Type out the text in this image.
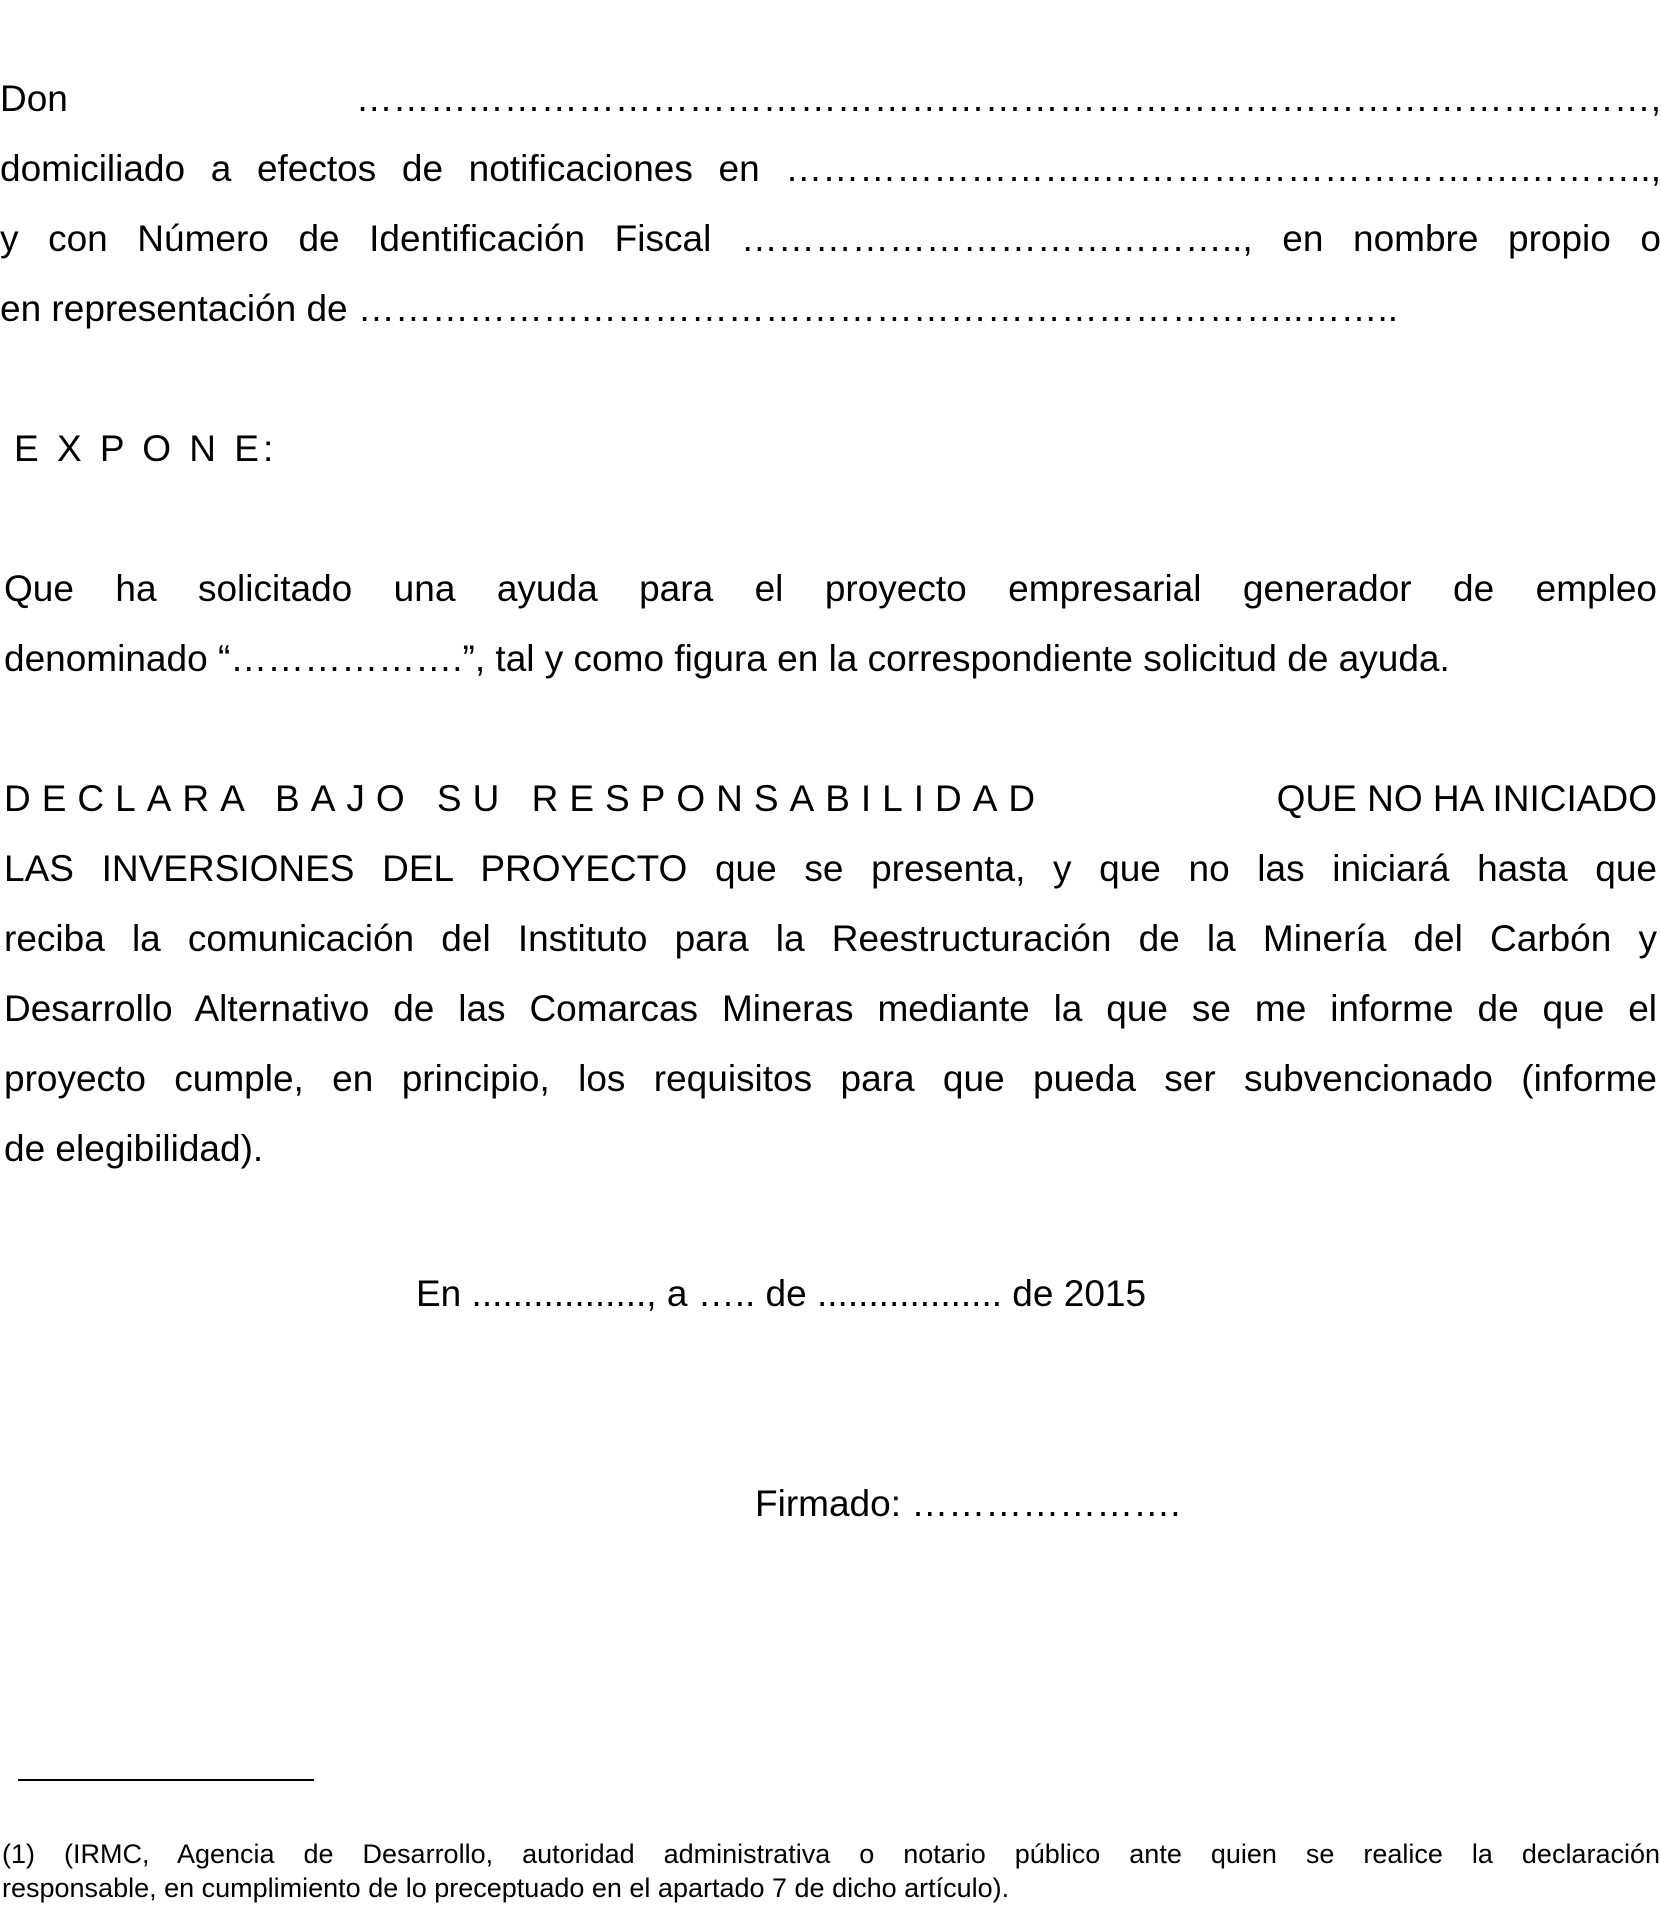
Don ……………………………………………………………………………………………,
domiciliado a efectos de notificaciones en ……………………..…………………………….………..,
y con Número de Identificación Fiscal ………………………………….., en nombre propio o
en representación de …………………………………………………………………..……..
E X P O N E:
Que ha solicitado una ayuda para el proyecto empresarial generador de empleo
denominado “……………….”, tal y como figura en la correspondiente solicitud de ayuda.
DECLARA BAJO SU RESPONSABILIDAD	QUE NO HA INICIADO
LAS INVERSIONES DEL PROYECTO que se presenta, y que no las iniciará hasta que
reciba la comunicación del Instituto para la Reestructuración de la Minería del Carbón y
Desarrollo Alternativo de las Comarcas Mineras mediante la que se me informe de que el
proyecto cumple, en principio, los requisitos para que pueda ser subvencionado (informe
de elegibilidad).
En ................., a ….. de .................. de 2015
Firmado: ………………….
(1) (IRMC, Agencia de Desarrollo, autoridad administrativa o notario público ante quien se realice la declaración
responsable, en cumplimiento de lo preceptuado en el apartado 7 de dicho artículo).
